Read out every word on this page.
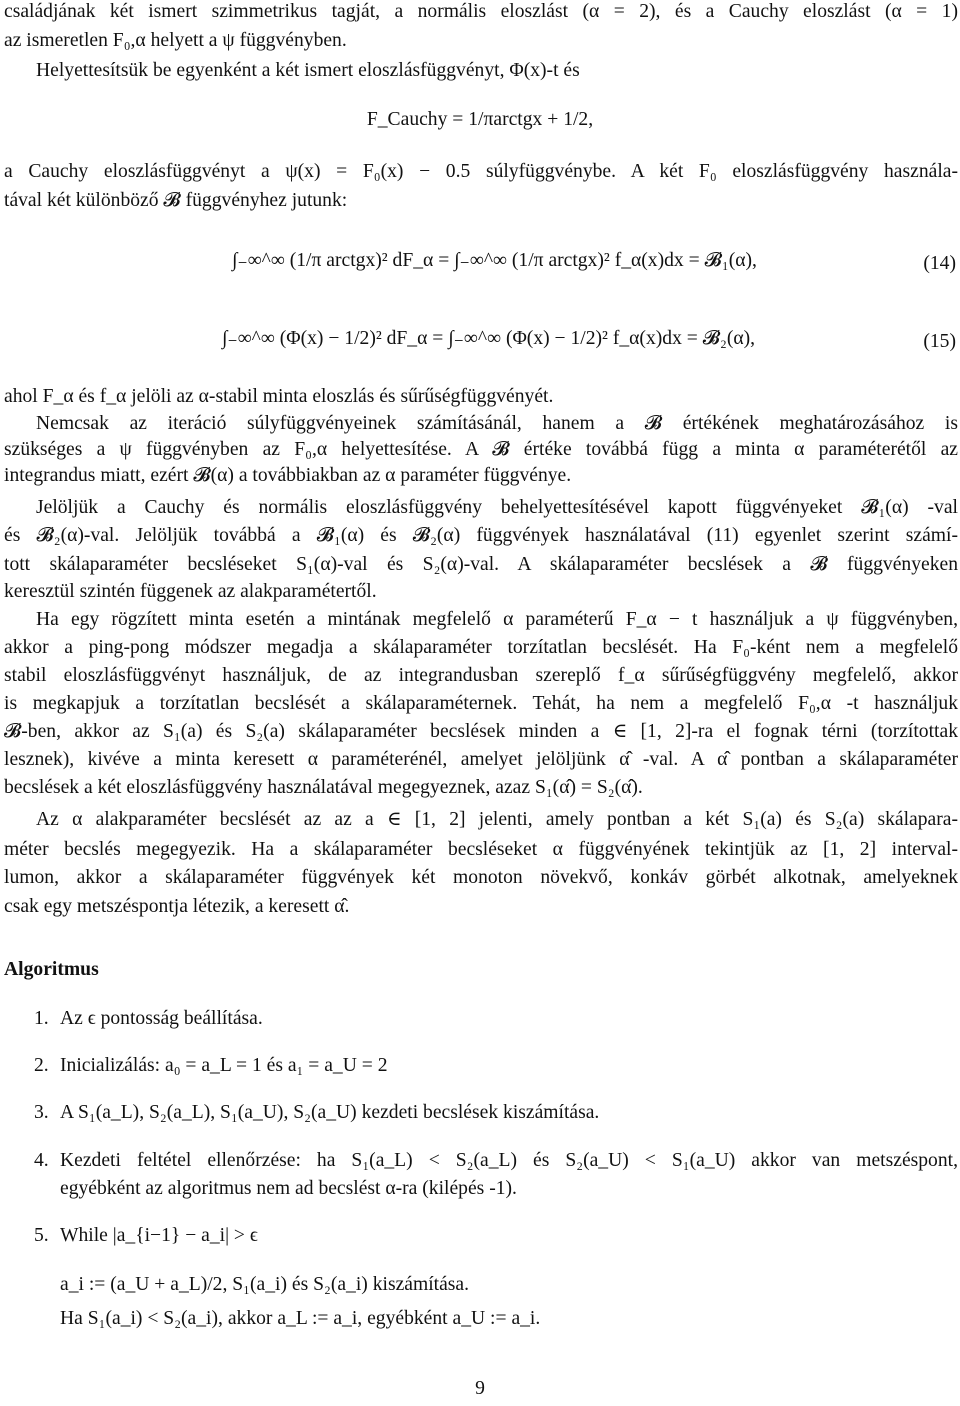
családjának két ismert szimmetrikus tagját, a normális eloszlást (α = 2), és a Cauchy eloszlást (α = 1)
az ismeretlen F₀,α helyett a ψ függvényben.
Helyettesítsük be egyenként a két ismert eloszlásfüggvényt, Φ(x)-t és
F_Cauchy = 1/πarctgx + 1/2,
a Cauchy eloszlásfüggvényt a ψ(x) = F₀(x) − 0.5 súlyfüggvénybe. A két F₀ eloszlásfüggvény használa-
tával két különböző 𝓑 függvényhez jutunk:
∫₋∞^∞ (1/π arctgx)² dF_α = ∫₋∞^∞ (1/π arctgx)² f_α(x)dx = 𝓑₁(α),	(14)
∫₋∞^∞ (Φ(x) − 1/2)² dF_α = ∫₋∞^∞ (Φ(x) − 1/2)² f_α(x)dx = 𝓑₂(α),	(15)
ahol F_α és f_α jelöli az α-stabil minta eloszlás és sűrűségfüggvényét.
Nemcsak az iteráció súlyfüggvényeinek számításánál, hanem a 𝓑 értékének meghatározásához is
szükséges a ψ függvényben az F₀,α helyettesítése. A 𝓑 értéke továbbá függ a minta α paraméterétől az
integrandus miatt, ezért 𝓑(α) a továbbiakban az α paraméter függvénye.
Jelöljük a Cauchy és normális eloszlásfüggvény behelyettesítésével kapott függvényeket 𝓑₁(α) -val
és 𝓑₂(α)-val. Jelöljük továbbá a 𝓑₁(α) és 𝓑₂(α) függvények használatával (11) egyenlet szerint számí-
tott skálaparaméter becsléseket S₁(α)-val és S₂(α)-val. A skálaparaméter becslések a 𝓑 függvényeken
keresztül szintén függenek az alakparamétertől.
Ha egy rögzített minta esetén a mintának megfelelő α paraméterű F_α − t használjuk a ψ függvényben,
akkor a ping-pong módszer megadja a skálaparaméter torzítatlan becslését. Ha F₀-ként nem a megfelelő
stabil eloszlásfüggvényt használjuk, de az integrandusban szereplő f_α sűrűségfüggvény megfelelő, akkor
is megkapjuk a torzítatlan becslését a skálaparaméternek. Tehát, ha nem a megfelelő F₀,α -t használjuk
𝓑-ben, akkor az S₁(a) és S₂(a) skálaparaméter becslések minden a ∈ [1, 2]-ra el fognak térni (torzítottak
lesznek), kivéve a minta keresett α paraméterénél, amelyet jelöljünk α̂ -val. A α̂ pontban a skálaparaméter
becslések a két eloszlásfüggvény használatával megegyeznek, azaz S₁(α̂) = S₂(α̂).
Az α alakparaméter becslését az az a ∈ [1, 2] jelenti, amely pontban a két S₁(a) és S₂(a) skálapara-
méter becslés megegyezik. Ha a skálaparaméter becsléseket α függvényének tekintjük az [1, 2] interval-
lumon, akkor a skálaparaméter függvények két monoton növekvő, konkáv görbét alkotnak, amelyeknek
csak egy metszéspontja létezik, a keresett α̂.
Algoritmus
1. Az ϵ pontosság beállítása.
2. Inicializálás: a₀ = a_L = 1 és a₁ = a_U = 2
3. A S₁(a_L), S₂(a_L), S₁(a_U), S₂(a_U) kezdeti becslések kiszámítása.
4. Kezdeti feltétel ellenőrzése: ha S₁(a_L) < S₂(a_L) és S₂(a_U) < S₁(a_U) akkor van metszéspont,
egyébként az algoritmus nem ad becslést α-ra (kilépés -1).
5. While |a_{i−1} − a_i| > ϵ
a_i := (a_U + a_L)/2, S₁(a_i) és S₂(a_i) kiszámítása.
Ha S₁(a_i) < S₂(a_i), akkor a_L := a_i, egyébként a_U := a_i.
9
